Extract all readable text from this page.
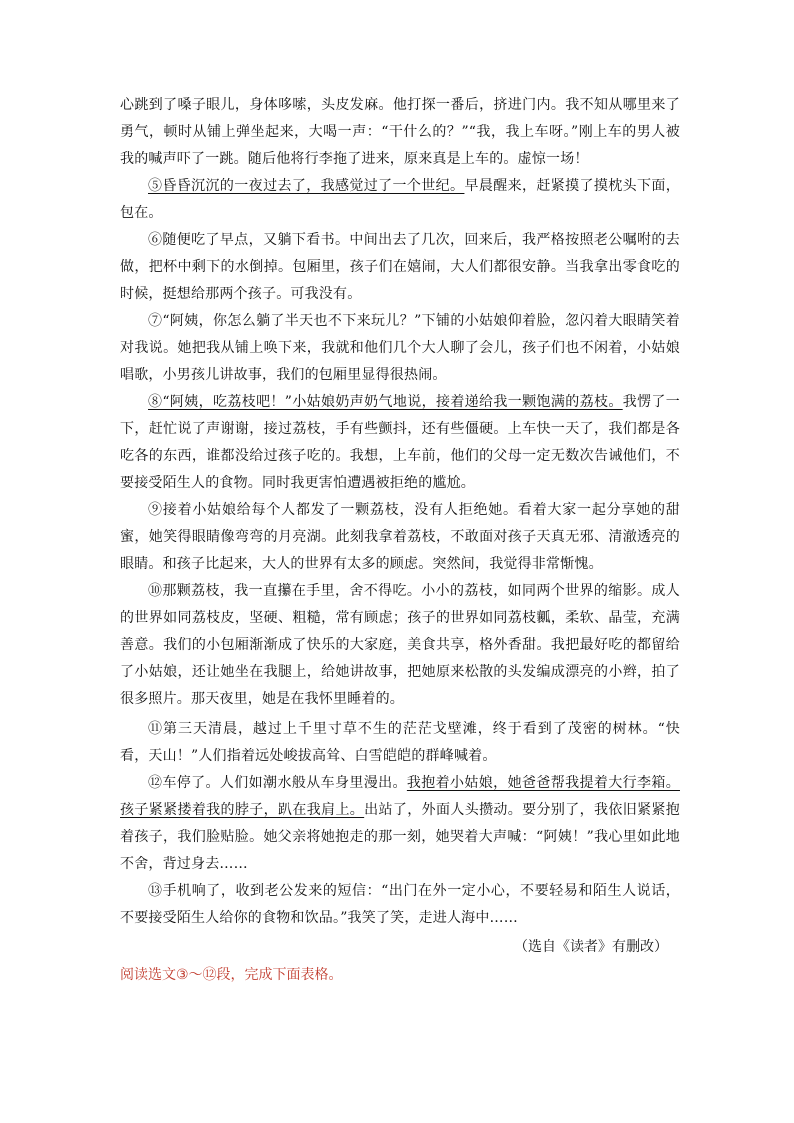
心跳到了嗓子眼儿，身体哆嗦，头皮发麻。他打探一番后，挤进门内。我不知从哪里来了勇气，顿时从铺上弹坐起来，大喝一声：“干什么的？”“我，我上车呀。”刚上车的男人被我的喊声吓了一跳。随后他将行李拖了进来，原来真是上车的。虚惊一场！

⑤昏昏沉沉的一夜过去了，我感觉过了一个世纪。早晨醒来，赶紧摸了摸枕头下面，包在。

⑥随便吃了早点，又躺下看书。中间出去了几次，回来后，我严格按照老公嘱咐的去做，把杯中剩下的水倒掉。包厢里，孩子们在嬉闹，大人们都很安静。当我拿出零食吃的时候，挺想给那两个孩子。可我没有。

⑦“阿姨，你怎么躺了半天也不下来玩儿？”下铺的小姑娘仰着脸，忽闪着大眼睛笑着对我说。她把我从铺上唤下来，我就和他们几个大人聊了会儿，孩子们也不闲着，小姑娘唱歌，小男孩儿讲故事，我们的包厢里显得很热闹。

⑧“阿姨，吃荔枝吧！”小姑娘奶声奶气地说，接着递给我一颗饱满的荔枝。我愣了一下，赶忙说了声谢谢，接过荔枝，手有些颤抖，还有些僵硬。上车快一天了，我们都是各吃各的东西，谁都没给过孩子吃的。我想，上车前，他们的父母一定无数次告诫他们，不要接受陌生人的食物。同时我更害怕遭遇被拒绝的尴尬。

⑨接着小姑娘给每个人都发了一颗荔枝，没有人拒绝她。看着大家一起分享她的甜蜜，她笑得眼睛像弯弯的月亮湖。此刻我拿着荔枝，不敢面对孩子天真无邪、清澈透亮的眼睛。和孩子比起来，大人的世界有太多的顾虑。突然间，我觉得非常惭愧。

⑩那颗荔枝，我一直攥在手里，舍不得吃。小小的荔枝，如同两个世界的缩影。成人的世界如同荔枝皮，坚硬、粗糙，常有顾虑；孩子的世界如同荔枝瓤，柔软、晶莹，充满善意。我们的小包厢渐渐成了快乐的大家庭，美食共享，格外香甜。我把最好吃的都留给了小姑娘，还让她坐在我腿上，给她讲故事，把她原来松散的头发编成漂亮的小辫，拍了很多照片。那天夜里，她是在我怀里睡着的。

⑪第三天清晨，越过上千里寸草不生的茫茫戈壁滩，终于看到了茂密的树林。“快看，天山！”人们指着远处峻拔高耸、白雪皑皑的群峰喊着。

⑫车停了。人们如潮水般从车身里漫出。我抱着小姑娘，她爸爸帮我提着大行李箱。孩子紧紧搂着我的脖子，趴在我肩上。出站了，外面人头攒动。要分别了，我依旧紧紧抱着孩子，我们脸贴脸。她父亲将她抱走的那一刻，她哭着大声喊：“阿姨！”我心里如此地不舍，背过身去……

⑬手机响了，收到老公发来的短信：“出门在外一定小心，不要轻易和陌生人说话，不要接受陌生人给你的食物和饮品。”我笑了笑，走进人海中……

（选自《读者》有删改）

阅读选文③～⑫段，完成下面表格。
